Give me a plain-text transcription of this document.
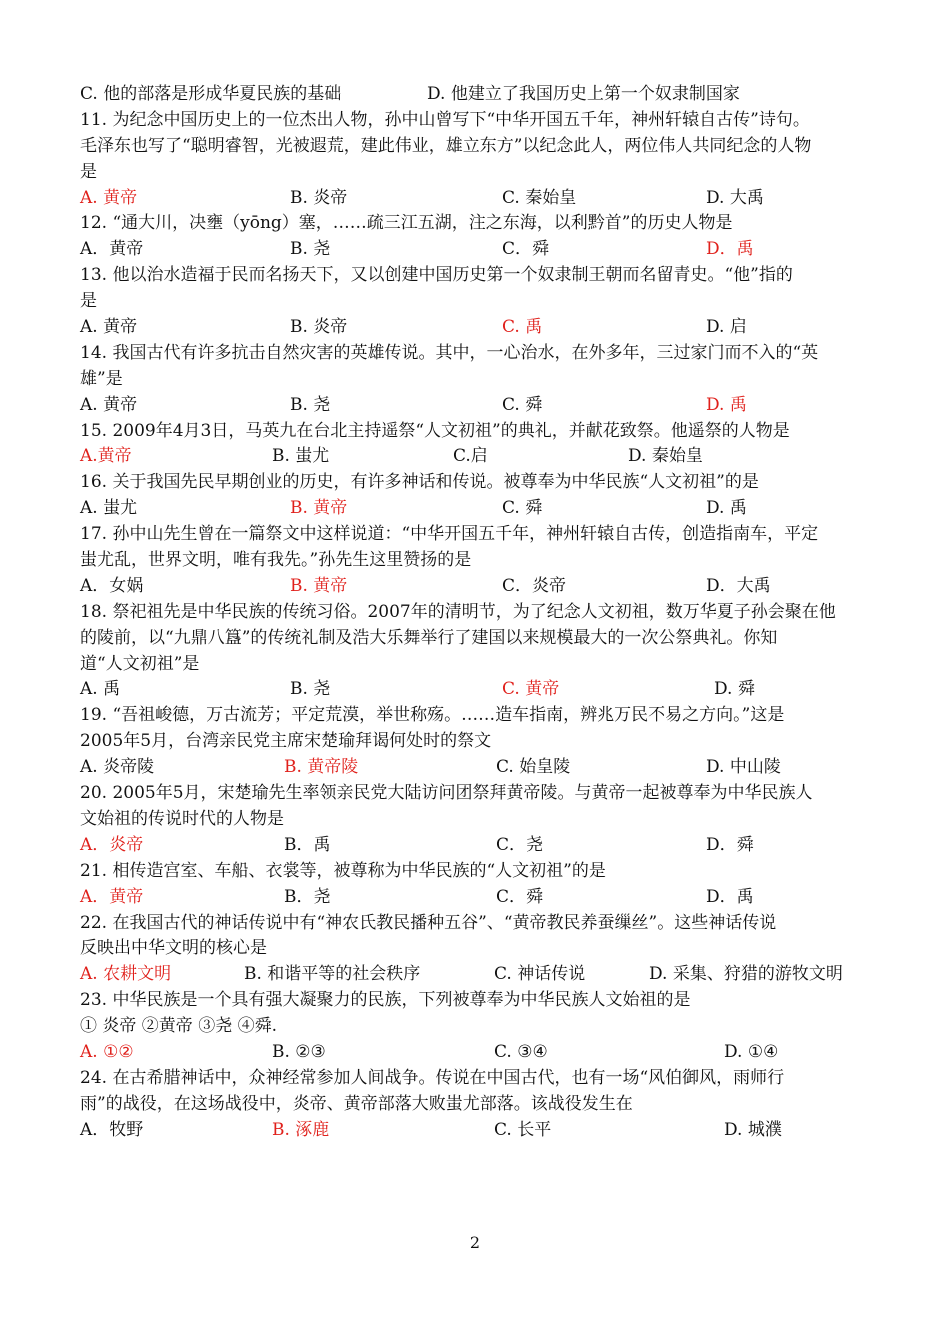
C. 他的部落是形成华夏民族的基础	D. 他建立了我国历史上第一个奴隶制国家
11. 为纪念中国历史上的一位杰出人物，孙中山曾写下“中华开国五千年，神州轩辕自古传”诗句。
毛泽东也写了“聪明睿智，光被遐荒，建此伟业，雄立东方”以纪念此人，两位伟人共同纪念的人物
是
A. 黄帝	B. 炎帝	C. 秦始皇	D. 大禹
12. “通大川，决壅（yōng）塞，……疏三江五湖，注之东海，以利黔首”的历史人物是
A．黄帝	B. 尧	C．舜	D．禹
13. 他以治水造福于民而名扬天下，又以创建中国历史第一个奴隶制王朝而名留青史。“他”指的
是
A. 黄帝	B. 炎帝	C. 禹	D. 启
14. 我国古代有许多抗击自然灾害的英雄传说。其中，一心治水，在外多年，三过家门而不入的“英
雄”是
A. 黄帝	B. 尧	C. 舜	D. 禹
15. 2009年4月3日，马英九在台北主持遥祭“人文初祖”的典礼，并献花致祭。他遥祭的人物是
A.黄帝	B. 蚩尤	C.启	D. 秦始皇
16. 关于我国先民早期创业的历史，有许多神话和传说。被尊奉为中华民族“人文初祖”的是
A. 蚩尤	B. 黄帝	C. 舜	D. 禹
17. 孙中山先生曾在一篇祭文中这样说道：“中华开国五千年，神州轩辕自古传，创造指南车，平定
蚩尤乱，世界文明，唯有我先。”孙先生这里赞扬的是
A．女娲	B. 黄帝	C．炎帝	D．大禹
18. 祭祀祖先是中华民族的传统习俗。2007年的清明节，为了纪念人文初祖，数万华夏子孙会聚在他
的陵前，以“九鼎八簋”的传统礼制及浩大乐舞举行了建国以来规模最大的一次公祭典礼。你知
道“人文初祖”是
A. 禹	B. 尧	C. 黄帝	D. 舜
19. “吾祖峻德，万古流芳；平定荒漠，举世称殇。……造车指南，辨兆万民不易之方向。”这是
2005年5月，台湾亲民党主席宋楚瑜拜谒何处时的祭文
A. 炎帝陵	B. 黄帝陵	C. 始皇陵	D. 中山陵
20. 2005年5月，宋楚瑜先生率领亲民党大陆访问团祭拜黄帝陵。与黄帝一起被尊奉为中华民族人
文始祖的传说时代的人物是
A．炎帝	B．禹	C．尧	D．舜
21. 相传造宫室、车船、衣裳等，被尊称为中华民族的“人文初祖”的是
A．黄帝	B．尧	C．舜	D．禹
22. 在我国古代的神话传说中有“神农氏教民播种五谷”、“黄帝教民养蚕缫丝”。这些神话传说
反映出中华文明的核心是
A. 农耕文明	B. 和谐平等的社会秩序	C. 神话传说	D. 采集、狩猎的游牧文明
23. 中华民族是一个具有强大凝聚力的民族，下列被尊奉为中华民族人文始祖的是
① 炎帝 ②黄帝 ③尧 ④舜.
A. ①②	B. ②③	C. ③④	D. ①④
24. 在古希腊神话中，众神经常参加人间战争。传说在中国古代，也有一场“风伯御风，雨师行
雨”的战役，在这场战役中，炎帝、黄帝部落大败蚩尤部落。该战役发生在
A．牧野	B. 涿鹿	C. 长平	D. 城濮
2
